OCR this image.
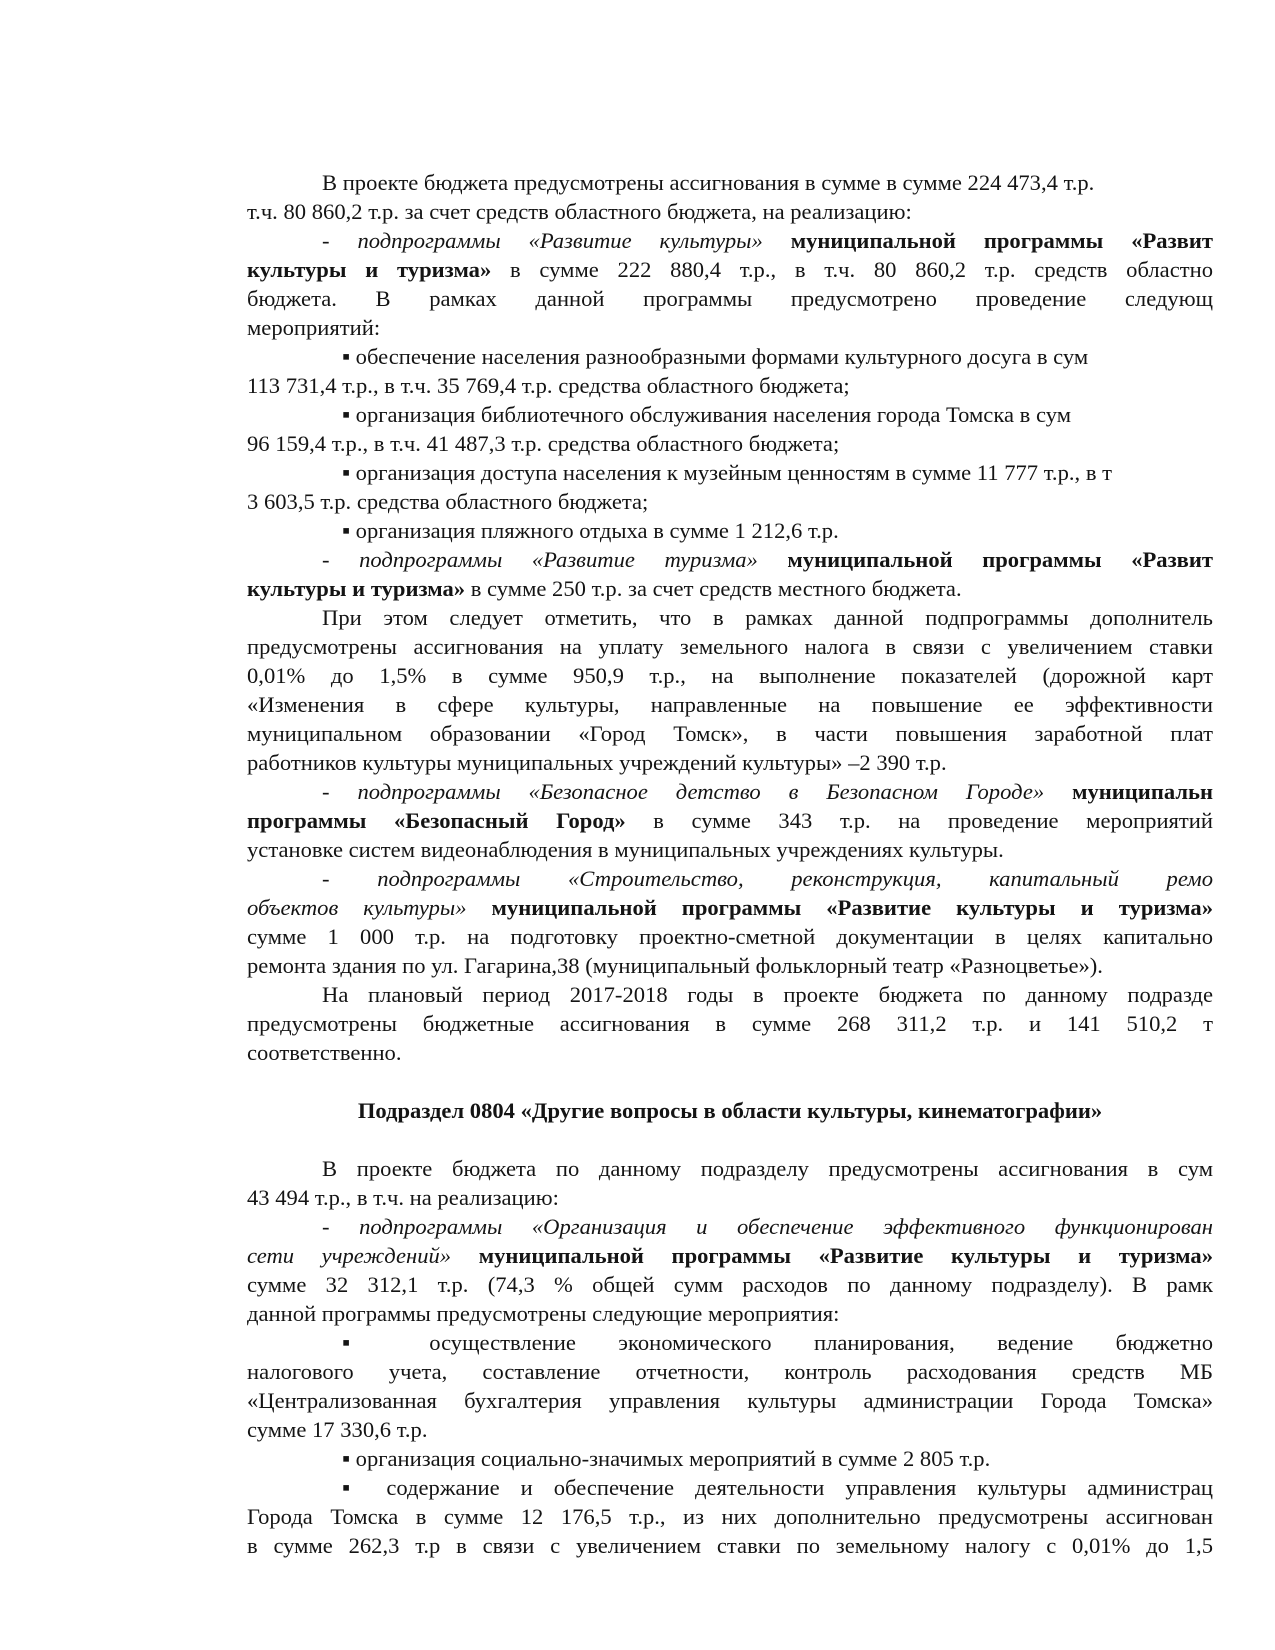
В проекте бюджета предусмотрены ассигнования в сумме в сумме 224 473,4 т.р.
т.ч. 80 860,2 т.р. за счет средств областного бюджета, на реализацию:
- подпрограммы «Развитие культуры» муниципальной программы «Развит
культуры и туризма» в сумме 222 880,4 т.р., в т.ч. 80 860,2 т.р. средств областно
бюджета. В рамках данной программы предусмотрено проведение следующ
мероприятий:
▪ обеспечение населения разнообразными формами культурного досуга в сум
113 731,4 т.р., в т.ч. 35 769,4 т.р. средства областного бюджета;
▪ организация библиотечного обслуживания населения города Томска в сум
96 159,4 т.р., в т.ч. 41 487,3 т.р. средства областного бюджета;
▪ организация доступа населения к музейным ценностям в сумме 11 777 т.р., в т
3 603,5 т.р. средства областного бюджета;
▪ организация пляжного отдыха в сумме 1 212,6 т.р.
- подпрограммы «Развитие туризма» муниципальной программы «Развит
культуры и туризма» в сумме 250 т.р. за счет средств местного бюджета.
При этом следует отметить, что в рамках данной подпрограммы дополнитель
предусмотрены ассигнования на уплату земельного налога в связи с увеличением ставки
0,01% до 1,5% в сумме 950,9 т.р., на выполнение показателей (дорожной карт
«Изменения в сфере культуры, направленные на повышение ее эффективности
муниципальном образовании «Город Томск», в части повышения заработной плат
работников культуры муниципальных учреждений культуры» –2 390 т.р.
- подпрограммы «Безопасное детство в Безопасном Городе» муниципальн
программы «Безопасный Город» в сумме 343 т.р. на проведение мероприятий
установке систем видеонаблюдения в муниципальных учреждениях культуры.
- подпрограммы «Строительство, реконструкция, капитальный ремо
объектов культуры» муниципальной программы «Развитие культуры и туризма»
сумме 1 000 т.р. на подготовку проектно-сметной документации в целях капитально
ремонта здания по ул. Гагарина,38 (муниципальный фольклорный театр «Разноцветье»).
На плановый период 2017-2018 годы в проекте бюджета по данному подразде
предусмотрены бюджетные ассигнования в сумме 268 311,2 т.р. и 141 510,2 т
соответственно.
Подраздел 0804 «Другие вопросы в области культуры, кинематографии»
В проекте бюджета по данному подразделу предусмотрены ассигнования в сум
43 494 т.р., в т.ч. на реализацию:
- подпрограммы «Организация и обеспечение эффективного функционирован
сети учреждений» муниципальной программы «Развитие культуры и туризма»
сумме 32 312,1 т.р. (74,3 % общей сумм расходов по данному подразделу). В рамк
данной программы предусмотрены следующие мероприятия:
▪ осуществление экономического планирования, ведение бюджетно
налогового учета, составление отчетности, контроль расходования средств МБ
«Централизованная бухгалтерия управления культуры администрации Города Томска»
сумме 17 330,6 т.р.
▪ организация социально-значимых мероприятий в сумме 2 805 т.р.
▪ содержание и обеспечение деятельности управления культуры администрац
Города Томска в сумме 12 176,5 т.р., из них дополнительно предусмотрены ассигнован
в сумме 262,3 т.р в связи с увеличением ставки по земельному налогу с 0,01% до 1,5
